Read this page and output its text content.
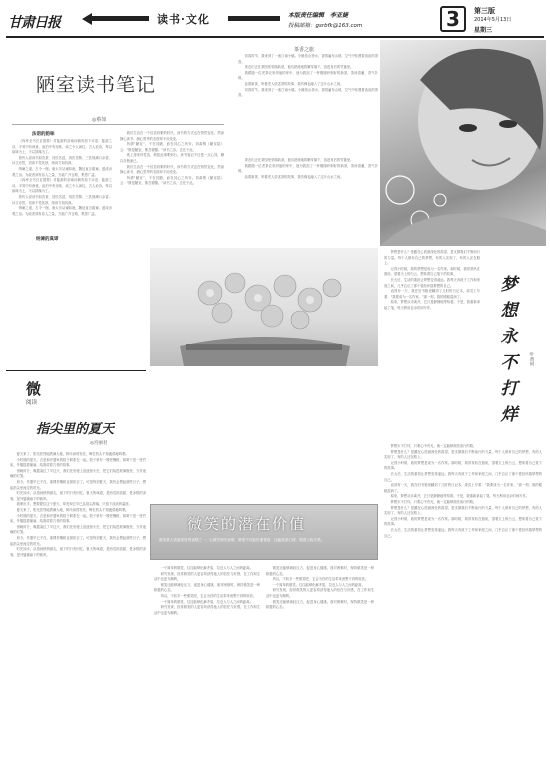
甘肃日报	读书·文化	本版责任编辑　李亚婕
投稿邮箱：gsrbfk@163.com	3	第三版
2014年5月13日
星期三
陋室读书笔记
◎蔡如
法语的韵味

《四库全书总目提要》对陆游的剑南诗稿有如下评述：陆游之诗，平易中有深意，淡泊中有至味，读之令人神往。古人论诗，每以韵味为上，不以辞藻为工。

曾有人说读书如饮茶，初饮苦涩，再饮甘醇，三饮则满口余香。诗文亦然，初读不觉其妙，细读方知其深。

纳谏之道，古今一理。唐太宗从谏如流，魏征直言敢谏，遂成贞观之治。为政者须有容人之量，方能广开言路，集思广益。

《四库全书总目提要》对陆游的剑南诗稿有如下评述：陆游之诗，平易中有深意，淡泊中有至味，读之令人神往。古人论诗，每以韵味为上，不以辞藻为工。

曾有人说读书如饮茶，初饮苦涩，再饮甘醇，三饮则满口余香。诗文亦然，初读不觉其妙，细读方知其深。

纳谏之道，古今一理。唐太宗从谏如流，魏征直言敢谏，遂成贞观之治。为政者须有容人之量，方能广开言路，集思广益。

纳谏的真谛

我们生活在一个信息纷繁的时代，读书的方式也在悄然变化，然而静心读书、潜心思考的态度却不应改变。

所谓“陋室”，不在其陋，而在其心之所安。刘禹锡《陋室铭》云：“斯是陋室，惟吾德馨。”读书之乐，正在于此。

纸上得来终觉浅，绝知此事要躬行。读书笔记不过是一点心得，聊以自勉而已。

我们生活在一个信息纷繁的时代，读书的方式也在悄然变化，然而静心读书、潜心思考的态度却不应改变。

所谓“陋室”，不在其陋，而在其心之所安。刘禹锡《陋室铭》云：“斯是陋室，惟吾德馨。”读书之乐，正在于此。

茶香之旅

初春时节，我来到了一座江南小镇。小镇依山傍水，茶园遍布山坡，空气中弥漫着淡淡的茶香。

茶农们正在茶园里采摘新茶，他们熟练地将嫩芽摘下，放进身后的竹篓里。

我跟随一位老茶农来到他的家中，他为我泡了一杯刚刚炒制好的新茶，茶汤清澈，香气扑鼻。

品着新茶，听着老人讲述茶的故事，我仿佛也融入了这片山水之间。

初春时节，我来到了一座江南小镇。小镇依山傍水，茶园遍布山坡，空气中弥漫着淡淡的茶香。

茶农们正在茶园里采摘新茶，他们熟练地将嫩芽摘下，放进身后的竹篓里。

我跟随一位老茶农来到他的家中，他为我泡了一杯刚刚炒制好的新茶，茶汤清澈，香气扑鼻。

品着新茶，听着老人讲述茶的故事，我仿佛也融入了这片山水之间。

梦想是什么？是藏在心底最深处的渴望，是支撑我们不断前行的力量。每个人都有自己的梦想，有的人实现了，有的人还在路上。

记得小时候，我的梦想是成为一名作家。那时候，我常常趴在窗前，望着天上的白云，想象着自己笔下的故事。

长大后，生活的重担让梦想变得遥远。我每天奔波于工作和家庭之间，几乎忘记了那个曾经怀揣梦想的自己。

直到有一天，我在旧书箱里翻到了儿时的日记本，扉页上写着：“我要成为一名作家。”那一刻，我的眼眶湿润了。

原来，梦想从未离开，它只是静静地等待着。于是，我重新拿起了笔，每天利用业余时间写作。

梦
想
永
不
打
烊
◎黄珂

梦想永不打烊，只要心中有光，就一定能够照亮前行的路。

梦想是什么？是藏在心底最深处的渴望，是支撑我们不断前行的力量。每个人都有自己的梦想，有的人实现了，有的人还在路上。

记得小时候，我的梦想是成为一名作家。那时候，我常常趴在窗前，望着天上的白云，想象着自己笔下的故事。

长大后，生活的重担让梦想变得遥远。我每天奔波于工作和家庭之间，几乎忘记了那个曾经怀揣梦想的自己。

直到有一天，我在旧书箱里翻到了儿时的日记本，扉页上写着：“我要成为一名作家。”那一刻，我的眼眶湿润了。

原来，梦想从未离开，它只是静静地等待着。于是，我重新拿起了笔，每天利用业余时间写作。

梦想永不打烊，只要心中有光，就一定能够照亮前行的路。

梦想是什么？是藏在心底最深处的渴望，是支撑我们不断前行的力量。每个人都有自己的梦想，有的人实现了，有的人还在路上。

记得小时候，我的梦想是成为一名作家。那时候，我常常趴在窗前，望着天上的白云，想象着自己笔下的故事。

长大后，生活的重担让梦想变得遥远。我每天奔波于工作和家庭之间，几乎忘记了那个曾经怀揣梦想的自己。

微
阅读
指尖里的夏天
◎宫丽君

夏天来了，阳光热烈地洒满大地，树叶绿得发亮，蝉在枝头不知疲倦地鸣唱。

小时候的夏天，总是和外婆家的院子联系在一起。院子里有一棵老槐树，树荫下是一张竹床，外婆摇着蒲扇，给我讲着古老的故事。

傍晚时分，晚霞染红了半边天，我们在田埂上追逐萤火虫，把它们装进玻璃瓶里，当作夜晚的灯笼。

如今，外婆早已不在，那棵老槐树也被砍去了。可是每到夏天，我仍会想起那些日子，想起指尖里流过的时光。

时光如水，从指间悄悄溜走，留下的只有回忆。夏天的味道，是西瓜的清甜，是冰棍的凉爽，是外婆蒲扇下的微风。

我伸出手，想要握住这个夏天，却发现它早已从指尖滑落，只留下淡淡的温度。

夏天来了，阳光热烈地洒满大地，树叶绿得发亮，蝉在枝头不知疲倦地鸣唱。

小时候的夏天，总是和外婆家的院子联系在一起。院子里有一棵老槐树，树荫下是一张竹床，外婆摇着蒲扇，给我讲着古老的故事。

傍晚时分，晚霞染红了半边天，我们在田埂上追逐萤火虫，把它们装进玻璃瓶里，当作夜晚的灯笼。

如今，外婆早已不在，那棵老槐树也被砍去了。可是每到夏天，我仍会想起那些日子，想起指尖里流过的时光。

时光如水，从指间悄悄溜走，留下的只有回忆。夏天的味道，是西瓜的清甜，是冰棍的凉爽，是外婆蒲扇下的微风。

微笑的潜在价值
微笑是人类最美好的表情之一。心理学研究表明，微笑不仅能传递善意，还能改善心情，增进人际关系。

一个简单的微笑，往往能够化解矛盾，拉近人与人之间的距离。

研究发现，经常微笑的人更容易获得他人的信任与好感，在工作和生活中也更为顺利。

微笑还能够减轻压力，促进身心健康。面对困难时，保持微笑是一种积极的心态。

所以，不妨多一些微笑吧，它会为你的生活带来意想不到的收获。

一个简单的微笑，往往能够化解矛盾，拉近人与人之间的距离。

研究发现，经常微笑的人更容易获得他人的信任与好感，在工作和生活中也更为顺利。

微笑还能够减轻压力，促进身心健康。面对困难时，保持微笑是一种积极的心态。

所以，不妨多一些微笑吧，它会为你的生活带来意想不到的收获。

一个简单的微笑，往往能够化解矛盾，拉近人与人之间的距离。

研究发现，经常微笑的人更容易获得他人的信任与好感，在工作和生活中也更为顺利。

微笑还能够减轻压力，促进身心健康。面对困难时，保持微笑是一种积极的心态。
